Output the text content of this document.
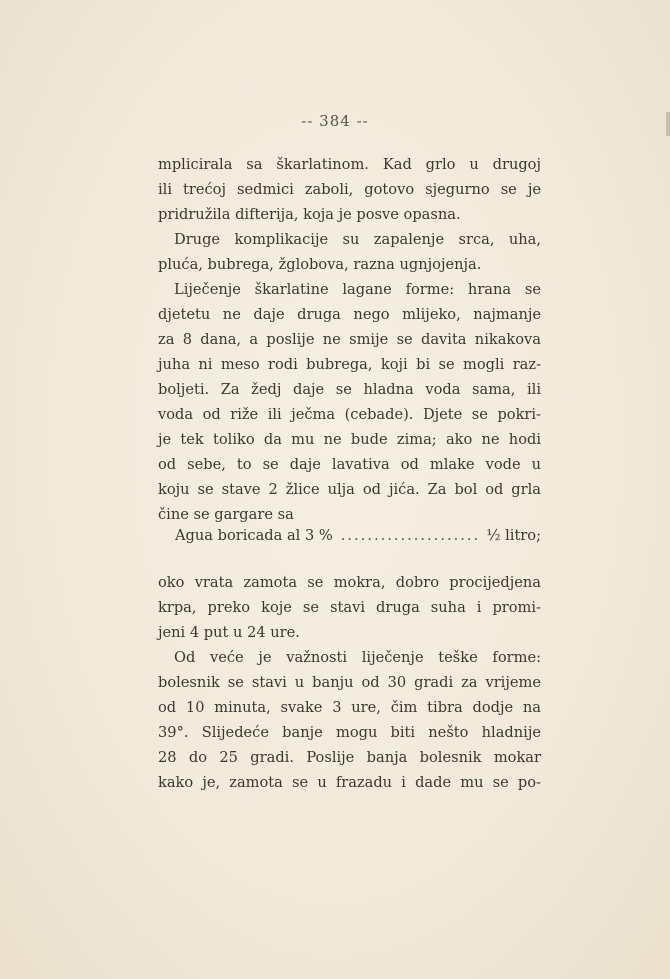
-- 384 --
mplicirala sa škarlatinom. Kad grlo u drugoj
ili trećoj sedmici zaboli, gotovo sjegurno se je
pridružila difterija, koja je posve opasna.
Druge komplikacije su zapalenje srca, uha,
pluća, bubrega, žglobova, razna ugnjojenja.
Liječenje škarlatine lagane forme: hrana se
djetetu ne daje druga nego mlijeko, najmanje
za 8 dana, a poslije ne smije se davita nikakova
juha ni meso rodi bubrega, koji bi se mogli raz-
boljeti. Za žedj daje se hladna voda sama, ili
voda od riže ili ječma (cebade). Djete se pokri-
je tek toliko da mu ne bude zima; ako ne hodi
od sebe, to se daje lavativa od mlake vode u
koju se stave 2 žlice ulja od jića. Za bol od grla
čine se gargare sa
Agua boricada al 3 %
.....	½ litro;
oko vrata zamota se mokra, dobro procijedjena
krpa, preko koje se stavi druga suha i promi-
jeni 4 put u 24 ure.
Od veće je važnosti liječenje teške forme:
bolesnik se stavi u banju od 30 gradi za vrijeme
od 10 minuta, svake 3 ure, čim tibra dodje na
39°. Slijedeće banje mogu biti nešto hladnije
28 do 25 gradi. Poslije banja bolesnik mokar
kako je, zamota se u frazadu i dade mu se po-
